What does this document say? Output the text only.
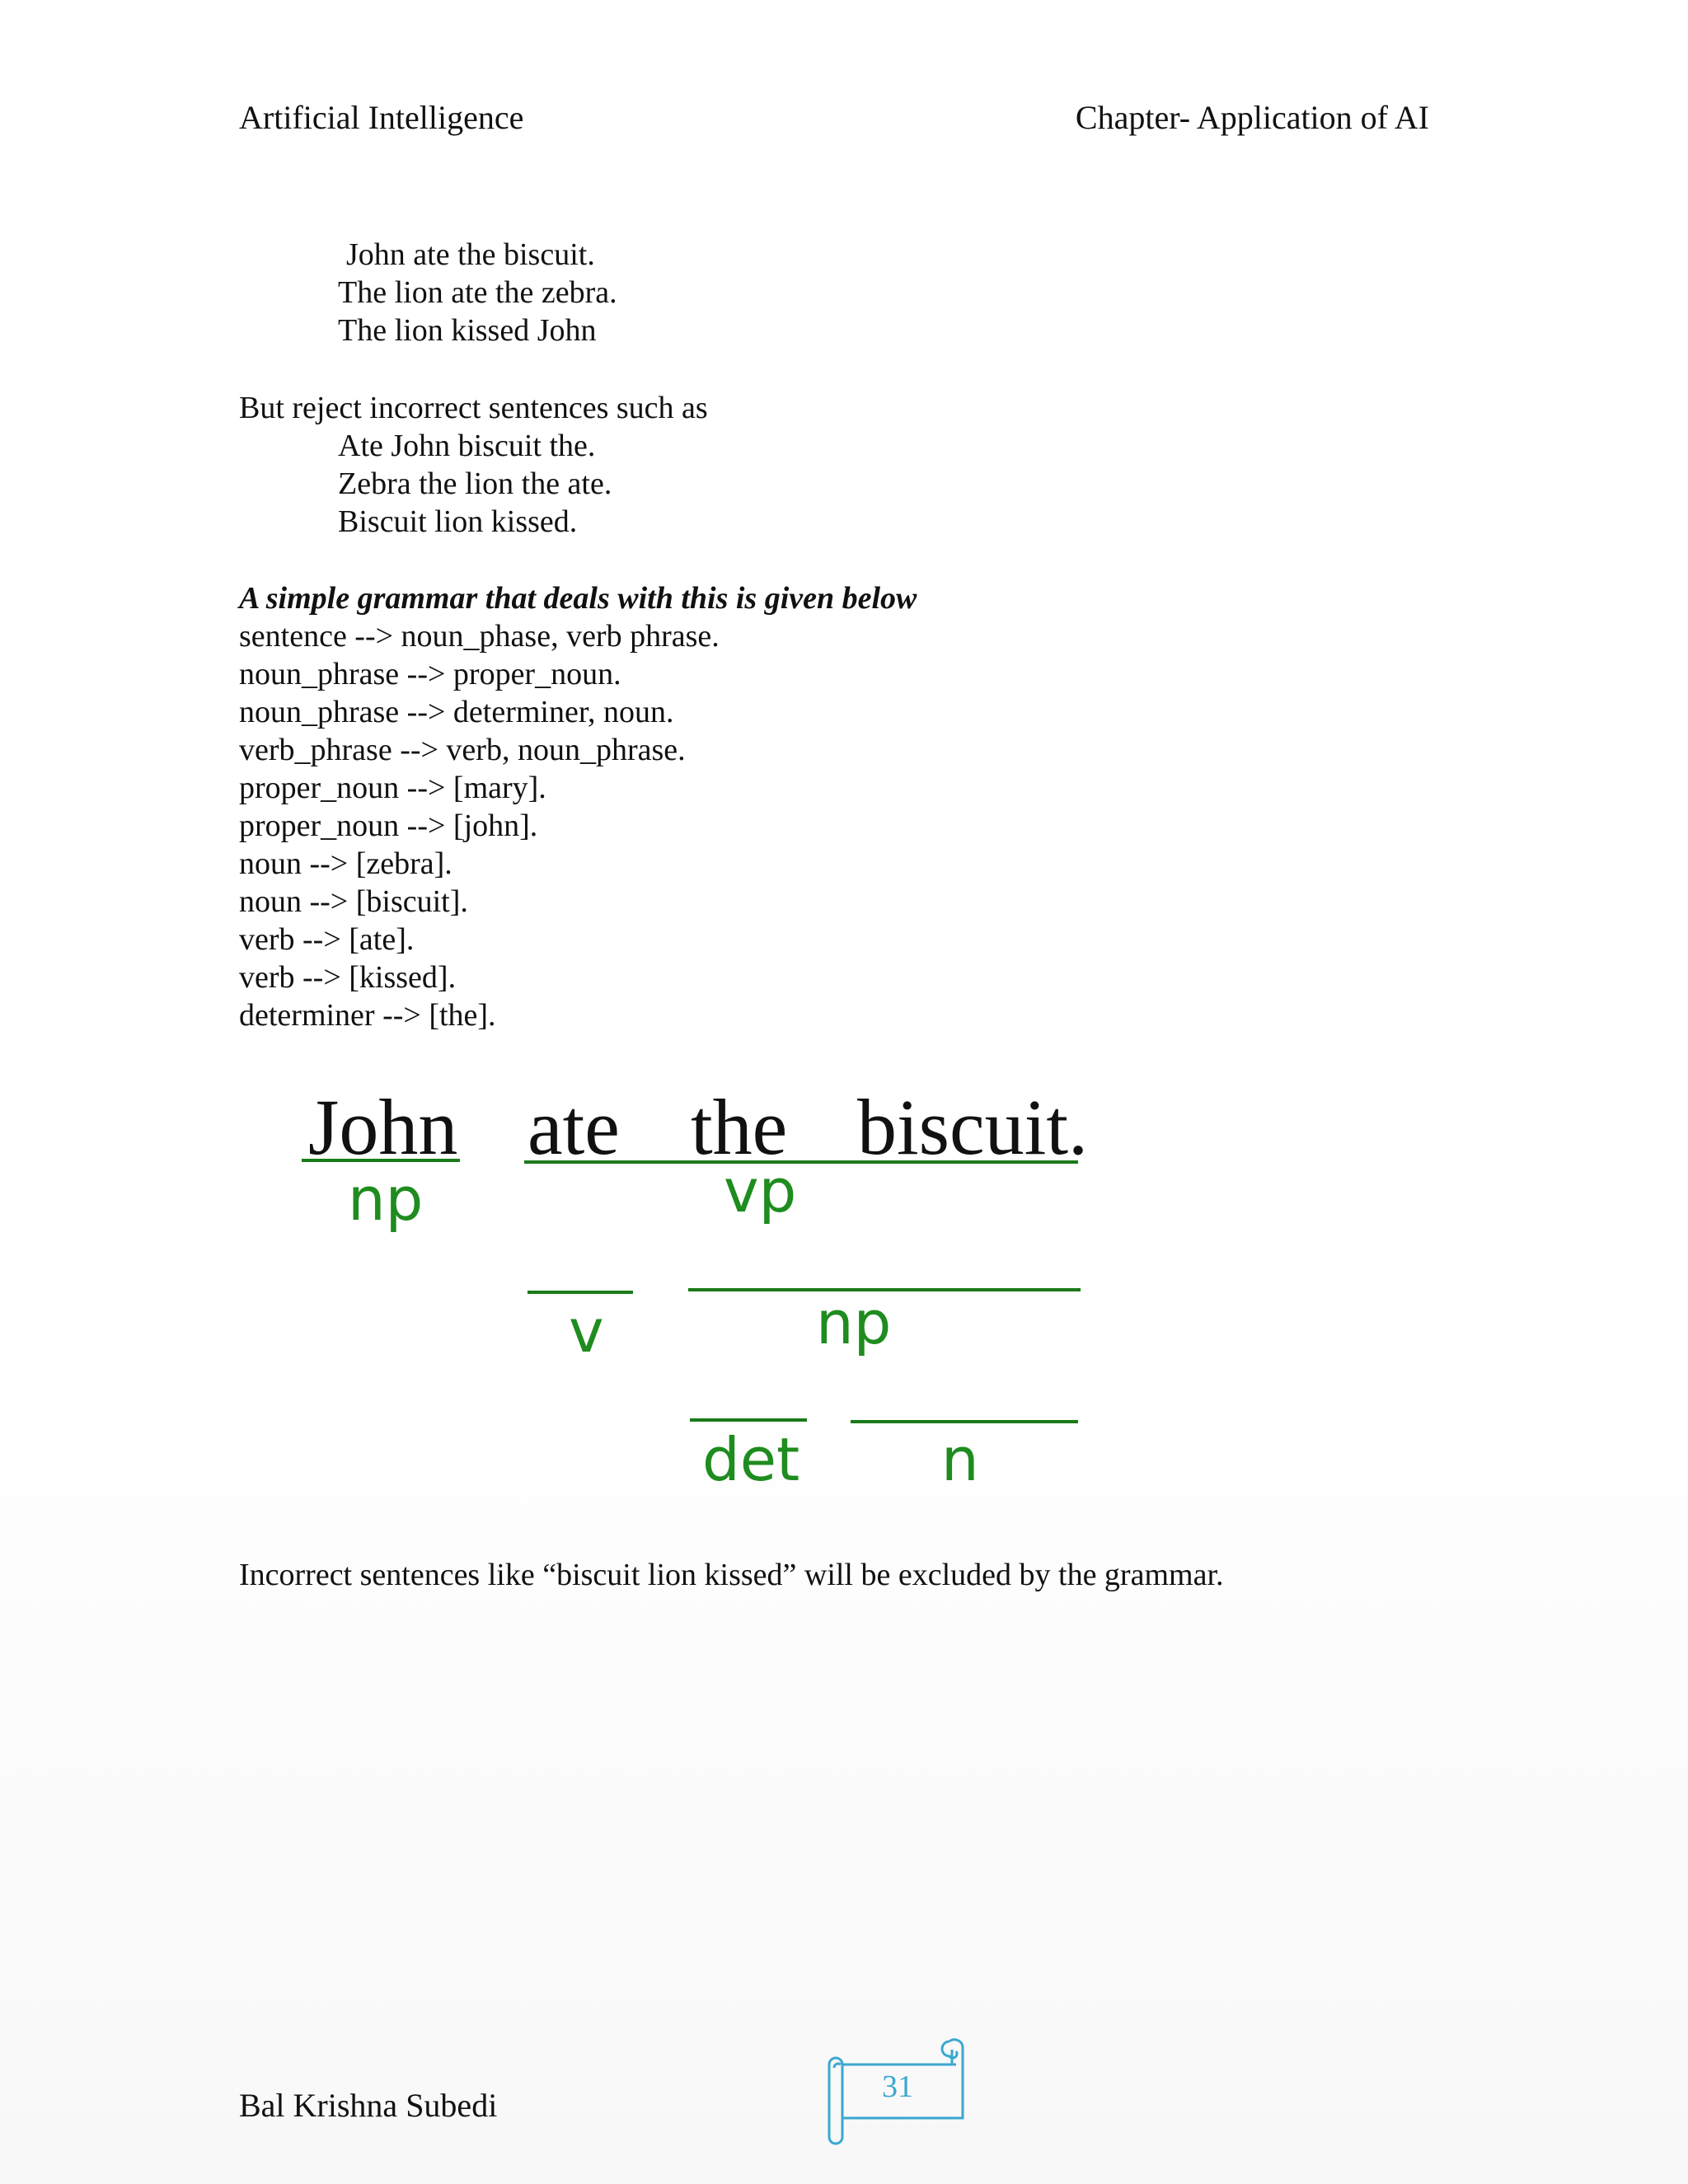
Artificial Intelligence	Chapter- Application of AI
John ate the biscuit.
The lion ate the zebra.
The lion kissed John
But reject incorrect sentences such as
Ate John biscuit the.
Zebra the lion the ate.
Biscuit lion kissed.
A simple grammar that deals with this is given below
sentence --> noun_phase, verb phrase.
noun_phrase --> proper_noun.
noun_phrase --> determiner, noun.
verb_phrase --> verb, noun_phrase.
proper_noun --> [mary].
proper_noun --> [john].
noun --> [zebra].
noun --> [biscuit].
verb --> [ate].
verb --> [kissed].
determiner --> [the].
John ate the biscuit.
np	vp
v	np
det n
Incorrect sentences like “biscuit lion kissed” will be excluded by the grammar.
Bal Krishna Subedi	31
